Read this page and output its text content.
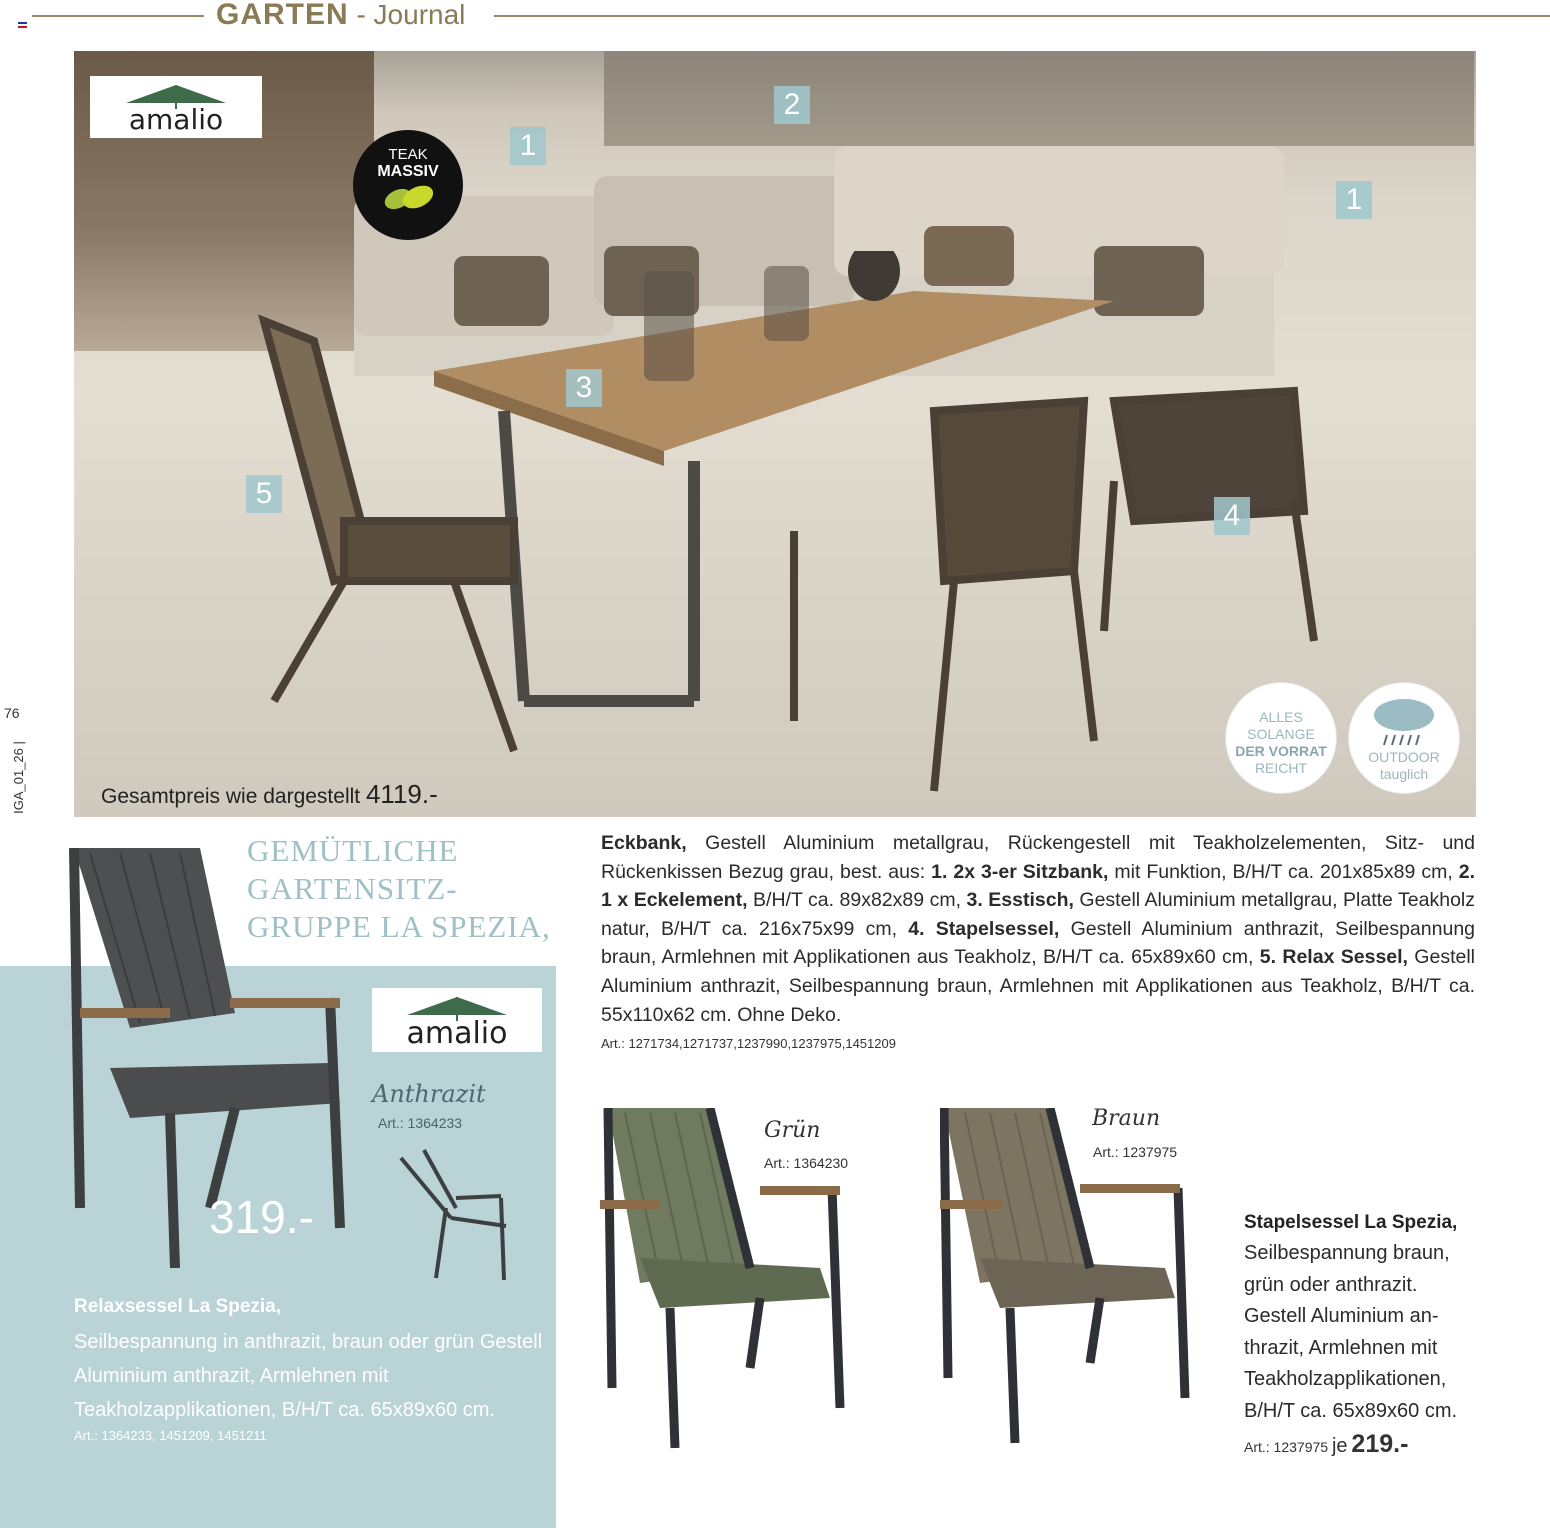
GARTEN - Journal
76
IGA_01_26 |
amalio
TEAK
MASSIV
1
2
1
3
5
4
ALLES
SOLANGE
DER VORRAT
REICHT
OUTDOOR
tauglich
Gesamtpreis wie dargestellt 4119.-
GEMÜTLICHE
GARTENSITZ-
GRUPPE LA SPEZIA,
319.-
amalio
Anthrazit
Art.: 1364233
Relaxsessel La Spezia,
Seilbespannung in anthrazit, braun oder grün Gestell Aluminium anthrazit, Armlehnen mit Teakholzapplikationen, B/H/T ca. 65x89x60 cm.
Art.: 1364233, 1451209, 1451211
Eckbank, Gestell Aluminium metallgrau, Rückengestell mit Teakholzelementen, Sitz- und Rückenkissen Bezug grau, best. aus: 1. 2x 3-er Sitzbank, mit Funktion, B/H/T ca. 201x85x89 cm, 2. 1 x Eckelement, B/H/T ca. 89x82x89 cm, 3. Esstisch, Gestell Aluminium metallgrau, Platte Teakholz natur, B/H/T ca. 216x75x99 cm, 4. Stapelsessel, Gestell Aluminium anthrazit, Seilbespannung braun, Armlehnen mit Applikationen aus Teakholz, B/H/T ca. 65x89x60 cm, 5. Relax Sessel, Gestell Aluminium anthrazit, Seilbespannung braun, Armlehnen mit Applikationen aus Teakholz, B/H/T ca. 55x110x62 cm. Ohne Deko.
Art.: 1271734,1271737,1237990,1237975,1451209
Grün
Art.: 1364230
Braun
Art.: 1237975
Stapelsessel La Spezia,
Seilbespannung braun, grün oder anthrazit. Gestell Aluminium an-thrazit, Armlehnen mit Teakholzapplikationen, B/H/T ca. 65x89x60 cm.
Art.: 1237975 je 219.-
